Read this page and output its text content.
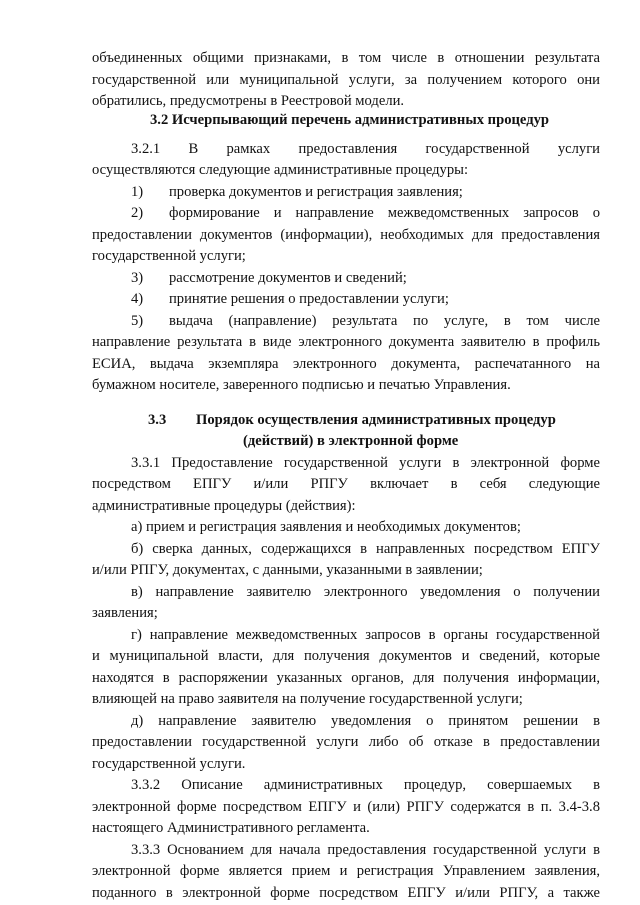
объединенных общими признаками, в том числе в отношении результата
государственной или муниципальной услуги, за получением которого они
обратились, предусмотрены в Реестровой модели.
3.2 Исчерпывающий перечень административных процедур
3.2.1 В рамках предоставления государственной услуги
осуществляются следующие административные процедуры:
1)	проверка документов и регистрация заявления;
2)	формирование и направление межведомственных запросов о
предоставлении документов (информации), необходимых для предоставления
государственной услуги;
3)	рассмотрение документов и сведений;
4)	принятие решения о предоставлении услуги;
5)	выдача (направление) результата по услуге, в том числе
направление результата в виде электронного документа заявителю в профиль
ЕСИА, выдача экземпляра электронного документа, распечатанного на
бумажном носителе, заверенного подписью и печатью Управления.
3.3	Порядок осуществления административных процедур
(действий) в электронной форме
3.3.1 Предоставление государственной услуги в электронной форме
посредством ЕПГУ и/или РПГУ включает в себя следующие
административные процедуры (действия):
а) прием и регистрация заявления и необходимых документов;
б) сверка данных, содержащихся в направленных посредством ЕПГУ
и/или РПГУ, документах, с данными, указанными в заявлении;
в) направление заявителю электронного уведомления о получении
заявления;
г) направление межведомственных запросов в органы государственной
и муниципальной власти, для получения документов и сведений, которые
находятся в распоряжении указанных органов, для получения информации,
влияющей на право заявителя на получение государственной услуги;
д) направление заявителю уведомления о принятом решении в
предоставлении государственной услуги либо об отказе в предоставлении
государственной услуги.
3.3.2 Описание административных процедур, совершаемых в
электронной форме посредством ЕПГУ и (или) РПГУ содержатся в п. 3.4-3.8
настоящего Административного регламента.
3.3.3 Основанием для начала предоставления государственной услуги в
электронной форме является прием и регистрация Управлением заявления,
поданного в электронной форме посредством ЕПГУ и/или РПГУ, а также
